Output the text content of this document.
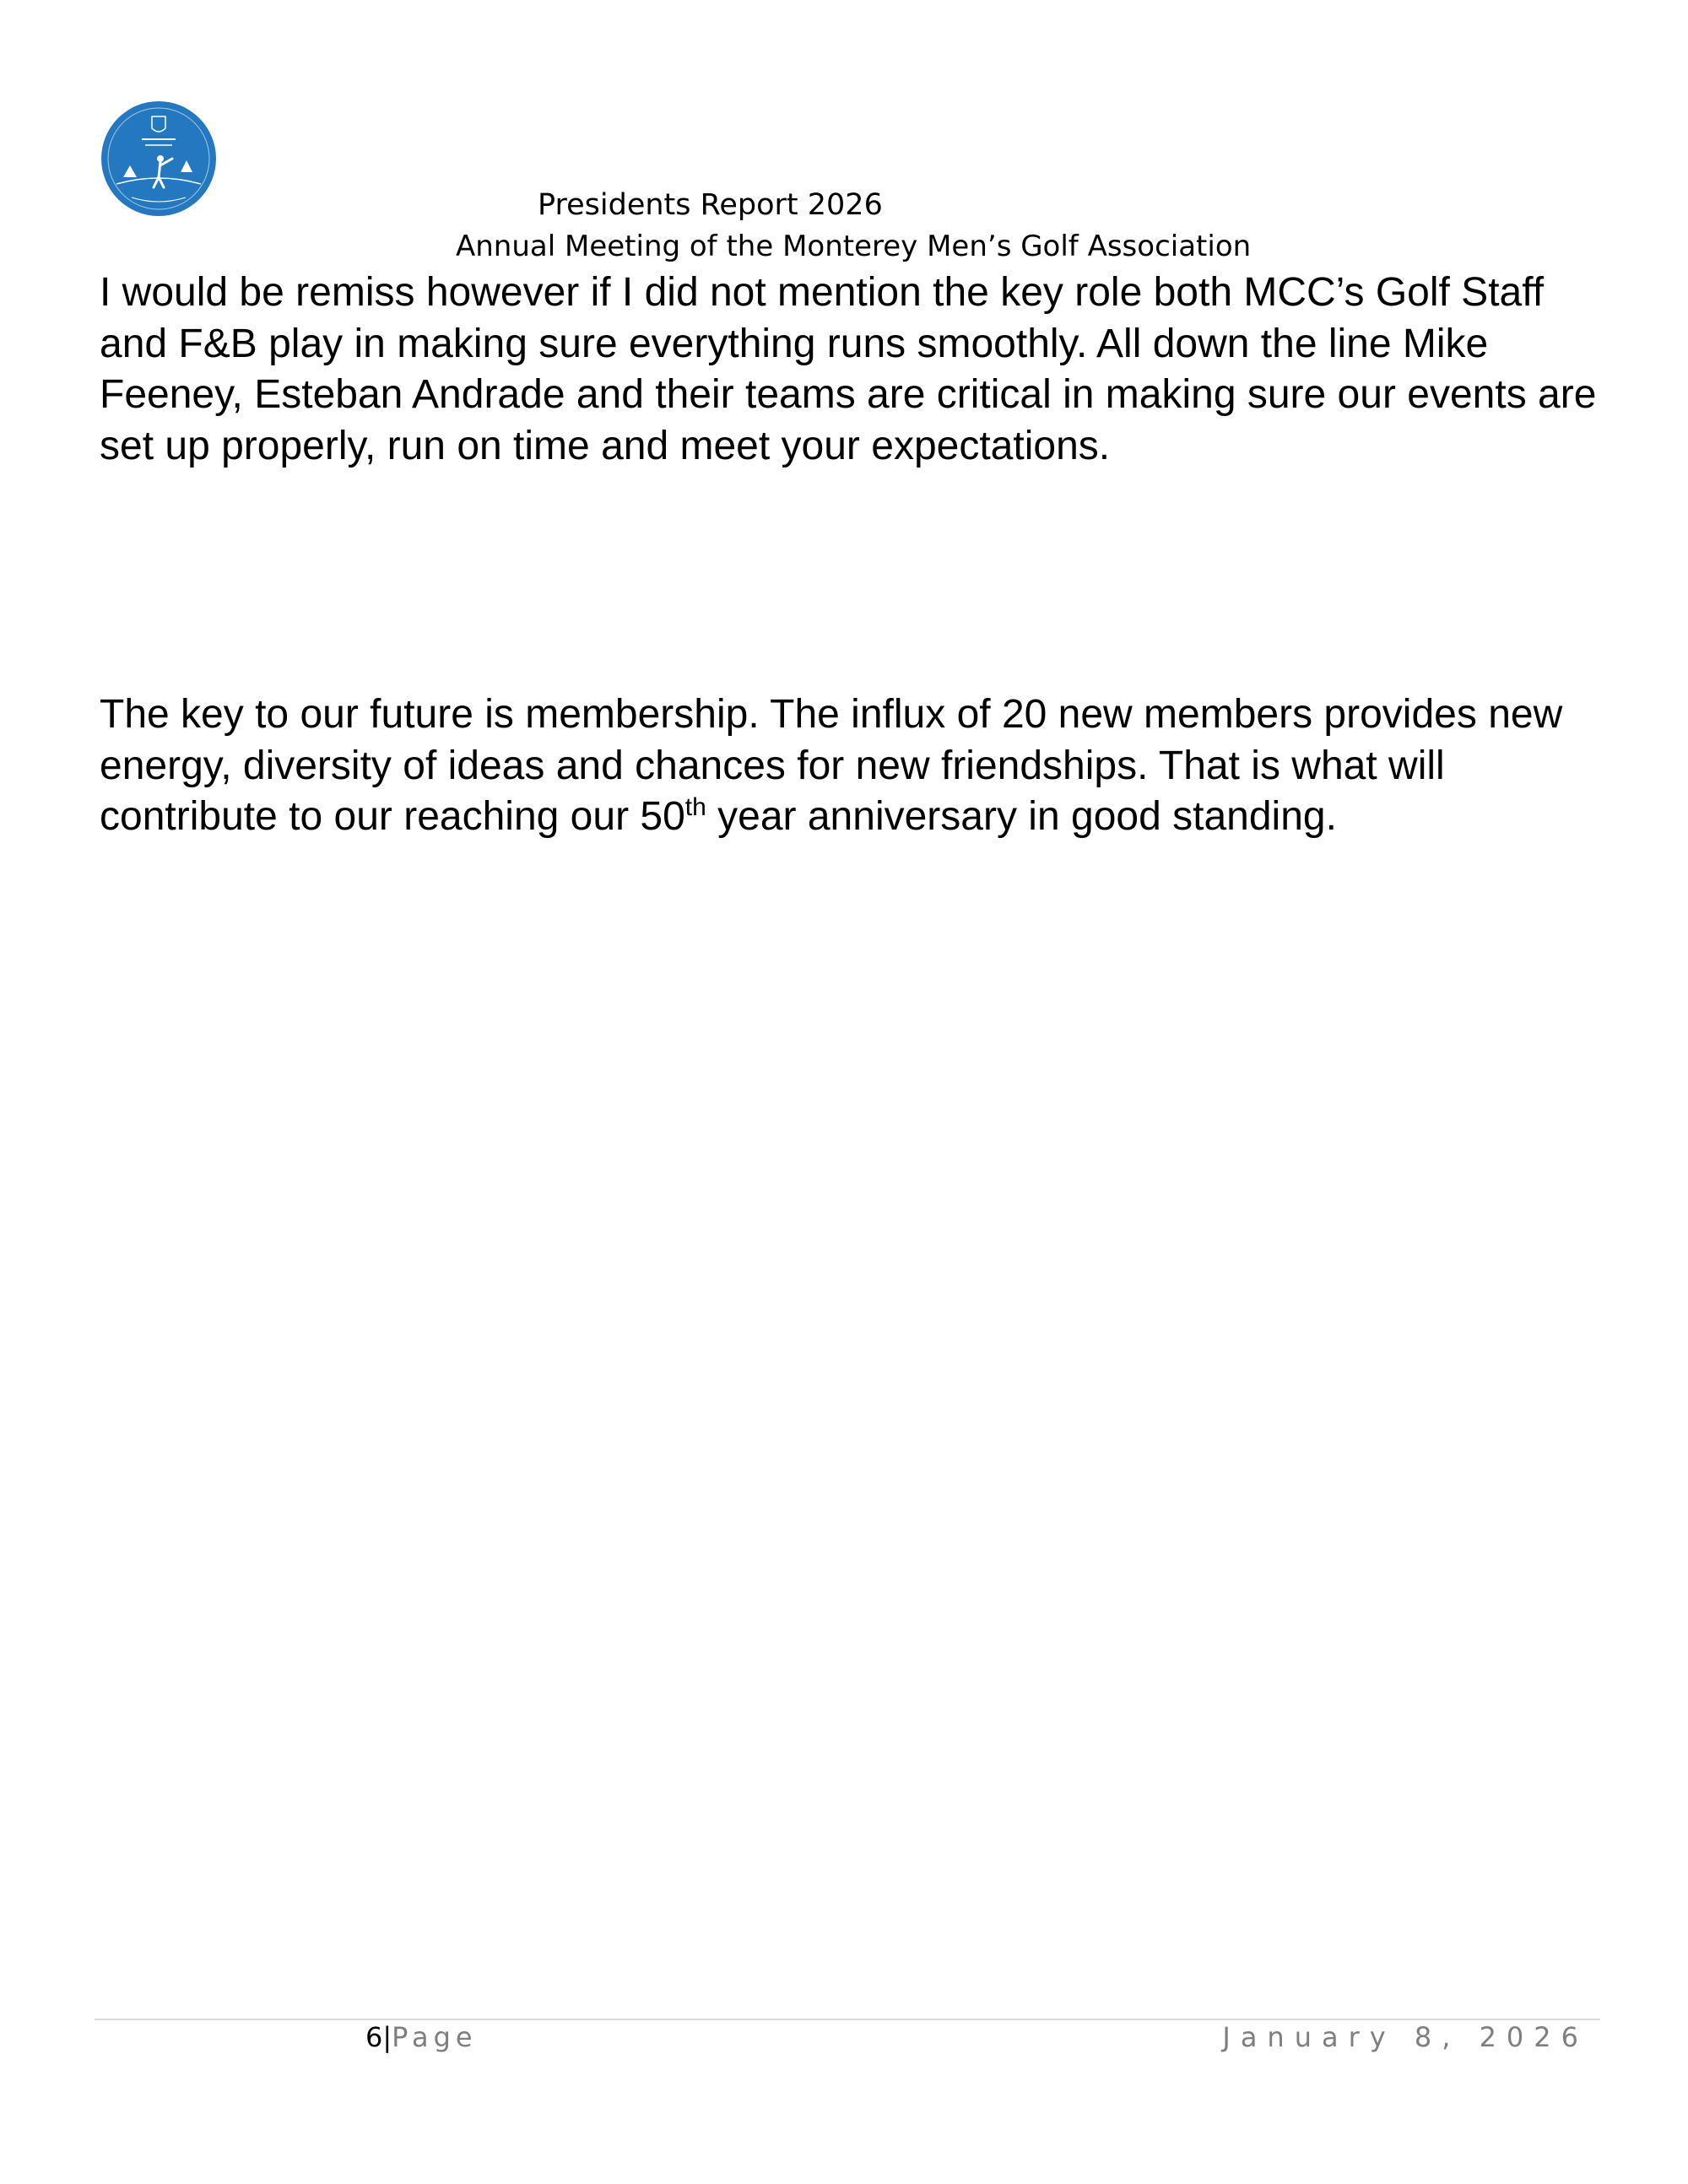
Presidents Report 2026
Annual Meeting of the Monterey Men’s Golf Association

I would be remiss however if I did not mention the key role both MCC’s Golf Staff and F&B play in making sure everything runs smoothly. All down the line Mike Feeney, Esteban Andrade and their teams are critical in making sure our events are set up properly, run on time and meet your expectations.

The key to our future is membership. The influx of 20 new members provides new energy, diversity of ideas and chances for new friendships. That is what will contribute to our reaching our 50th year anniversary in good standing.

6|Page	January 8, 2026
